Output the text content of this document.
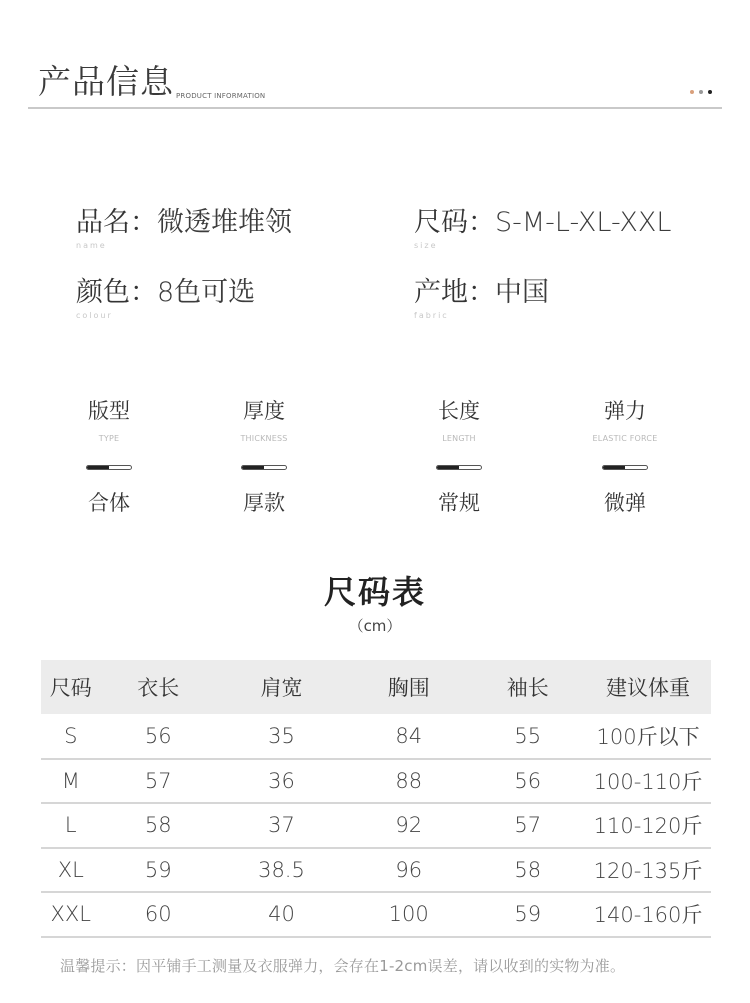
产品信息 PRODUCT INFORMATION
品名： 微透堆堆领
name
尺码： S-M-L-XL-XXL
size
颜色： 8色可选
colour
产地： 中国
fabric
版型
TYPE
合体
厚度
THICKNESS
厚款
长度
LENGTH
常规
弹力
ELASTIC FORCE
微弹
尺码表
（cm）
尺码	衣长	肩宽	胸围	袖长	建议体重
S	56	35	84	55	100斤以下
M	57	36	88	56	100-110斤
L	58	37	92	57	110-120斤
XL	59	38.5	96	58	120-135斤
XXL	60	40	100	59	140-160斤
温馨提示：因平铺手工测量及衣服弹力，会存在1-2cm误差，请以收到的实物为准。
